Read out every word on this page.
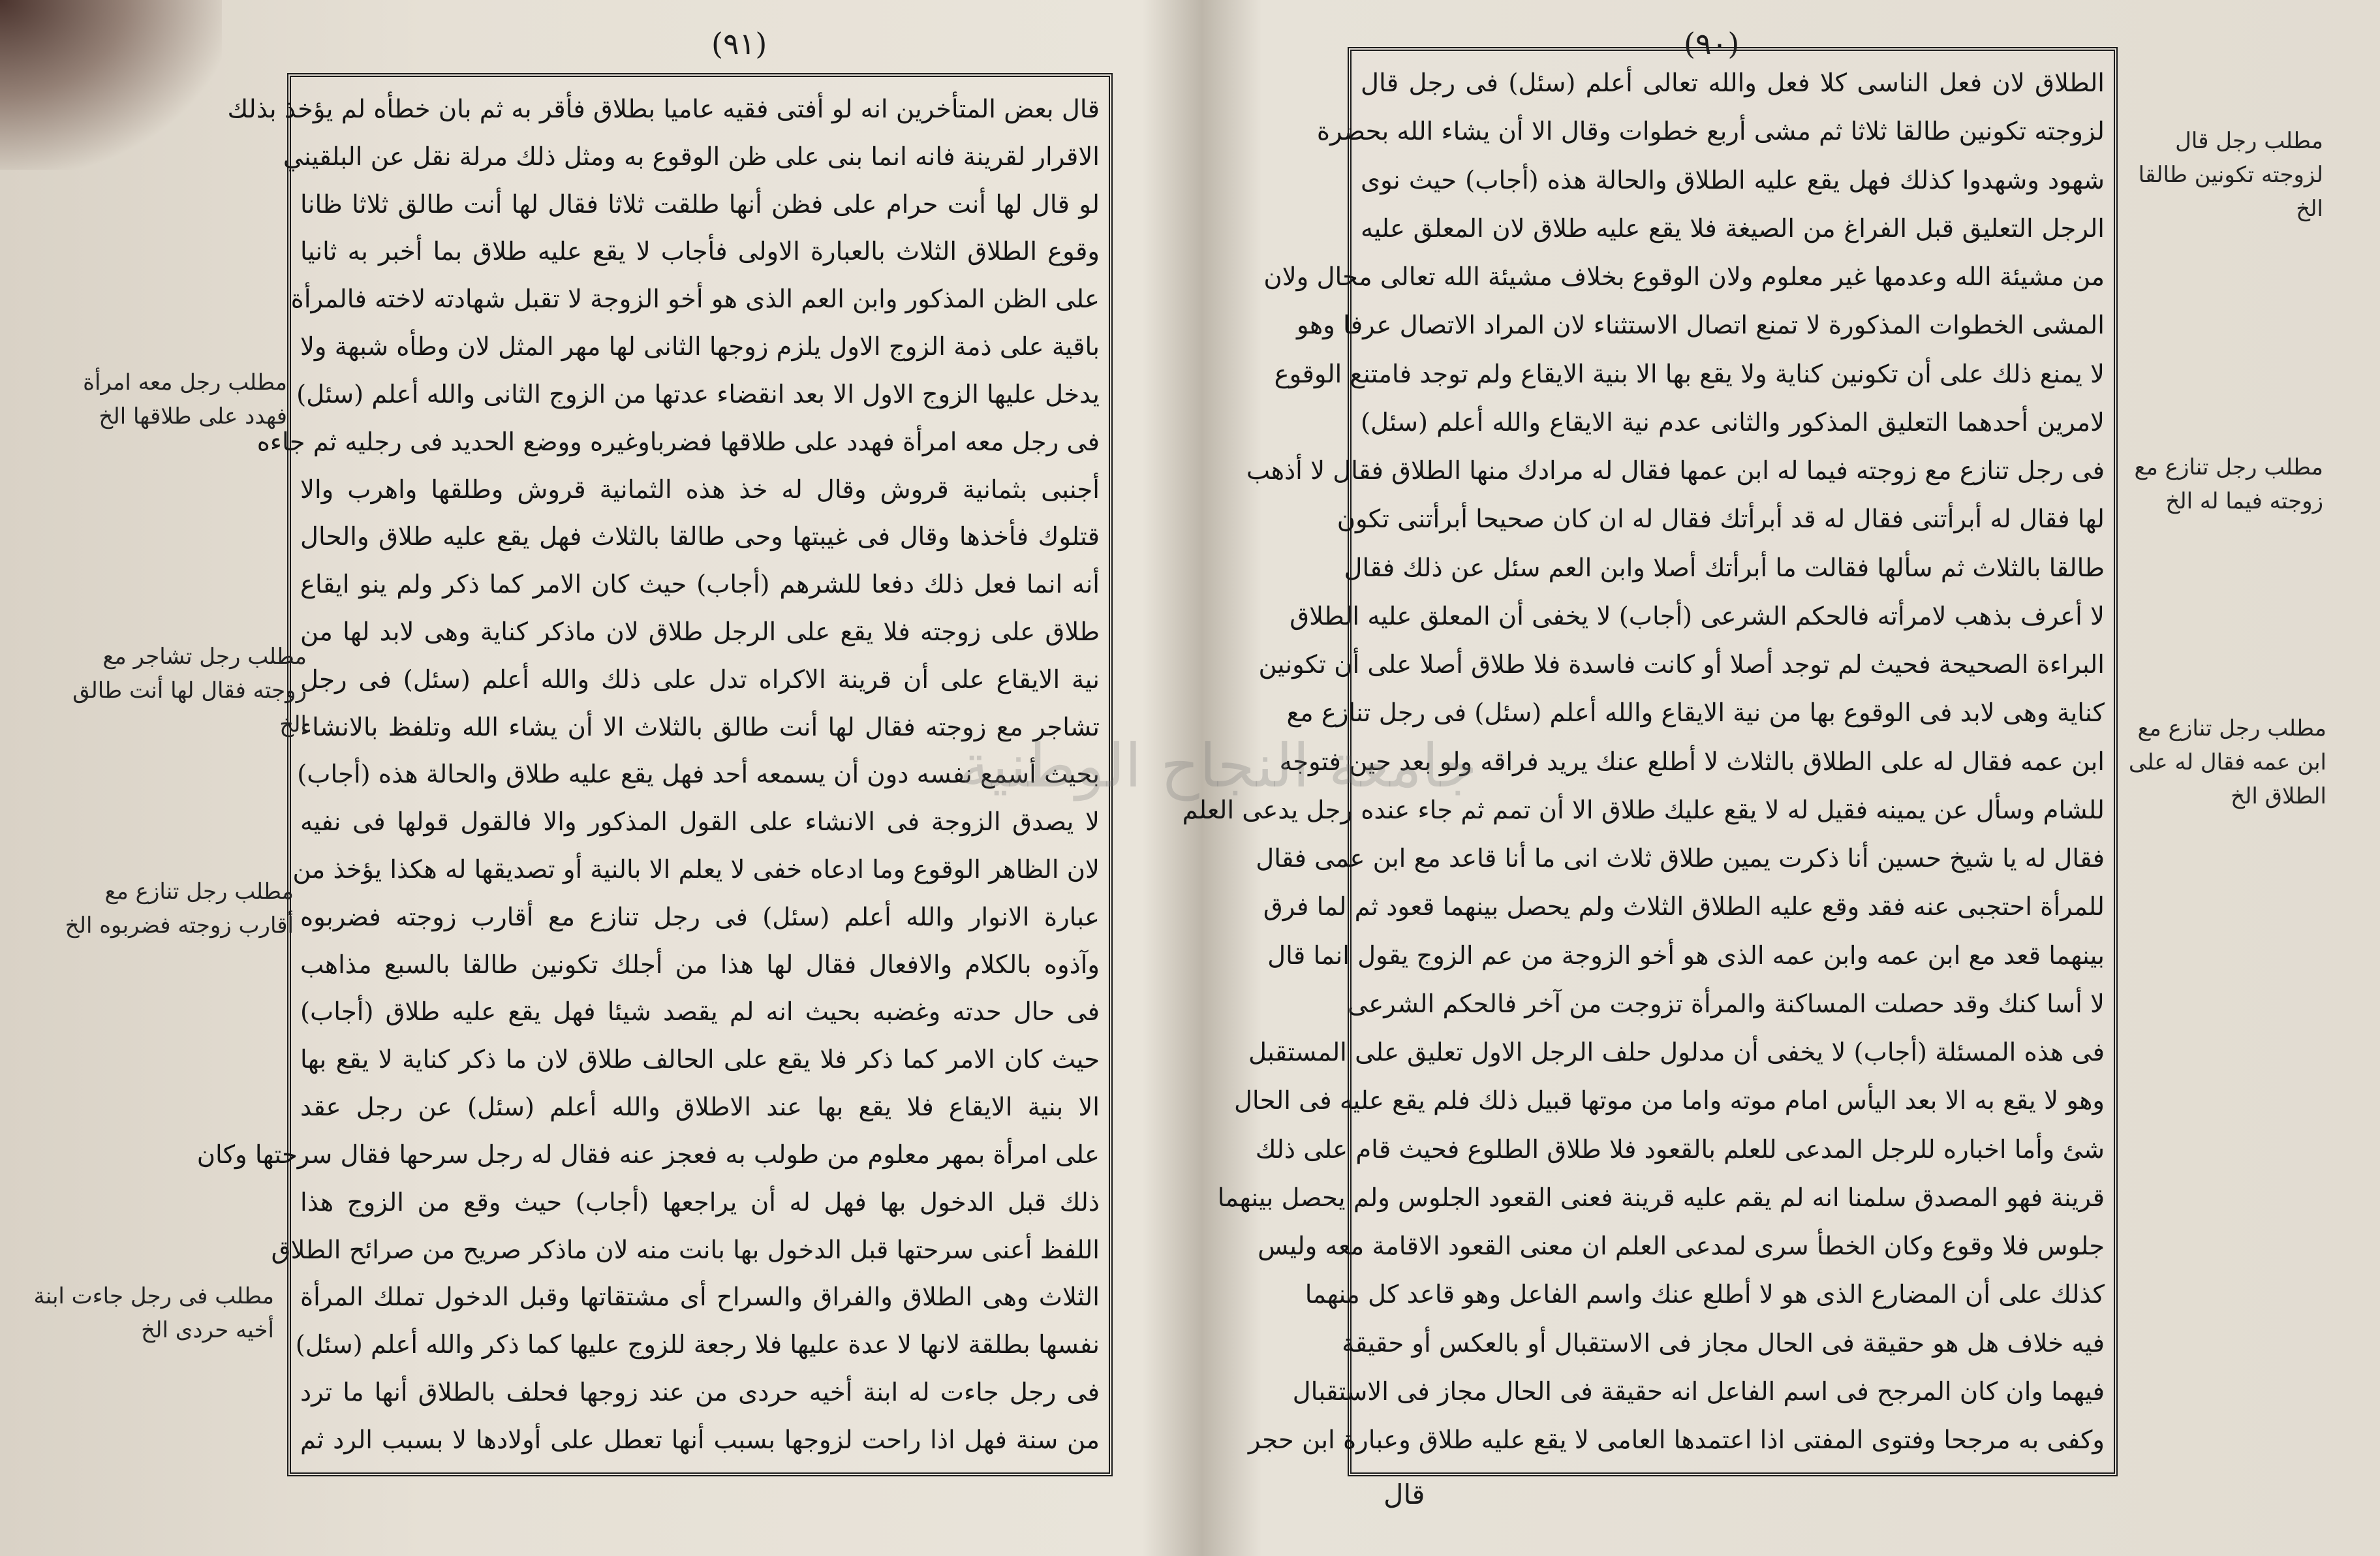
(٩١)
قال بعض المتأخرين انه لو أفتى فقيه عاميا بطلاق فأقر به ثم بان خطأه لم يؤخذ بذلك
الاقرار لقرينة فانه انما بنى على ظن الوقوع به ومثل ذلك مرلة نقل عن البلقيني
لو قال لها أنت حرام على فظن أنها طلقت ثلاثا فقال لها أنت طالق ثلاثا ظانا
وقوع الطلاق الثلاث بالعبارة الاولى فأجاب لا يقع عليه طلاق بما أخبر به ثانيا
على الظن المذكور وابن العم الذى هو أخو الزوجة لا تقبل شهادته لاخته فالمرأة
باقية على ذمة الزوج الاول يلزم زوجها الثانى لها مهر المثل لان وطأه شبهة ولا
يدخل عليها الزوج الاول الا بعد انقضاء عدتها من الزوج الثانى والله أعلم (سئل)
فى رجل معه امرأة فهدد على طلاقها فضرباوغيره ووضع الحديد فى رجليه ثم جاءه
أجنبى بثمانية قروش وقال له خذ هذه الثمانية قروش وطلقها واهرب والا
قتلوك فأخذها وقال فى غيبتها وحى طالقا بالثلاث فهل يقع عليه طلاق والحال
أنه انما فعل ذلك دفعا للشرهم (أجاب) حيث كان الامر كما ذكر ولم ينو ايقاع
طلاق على زوجته فلا يقع على الرجل طلاق لان ماذكر كناية وهى لابد لها من
نية الايقاع على أن قرينة الاكراه تدل على ذلك والله أعلم (سئل) فى رجل
تشاجر مع زوجته فقال لها أنت طالق بالثلاث الا أن يشاء الله وتلفظ بالانشاء
بحيث أسمع نفسه دون أن يسمعه أحد فهل يقع عليه طلاق والحالة هذه (أجاب)
لا يصدق الزوجة فى الانشاء على القول المذكور والا فالقول قولها فى نفيه
لان الظاهر الوقوع وما ادعاه خفى لا يعلم الا بالنية أو تصديقها له هكذا يؤخذ من
عبارة الانوار والله أعلم (سئل) فى رجل تنازع مع أقارب زوجته فضربوه
وآذوه بالكلام والافعال فقال لها هذا من أجلك تكونين طالقا بالسبع مذاهب
فى حال حدته وغضبه بحيث انه لم يقصد شيئا فهل يقع عليه طلاق (أجاب)
حيث كان الامر كما ذكر فلا يقع على الحالف طلاق لان ما ذكر كناية لا يقع بها
الا بنية الايقاع فلا يقع بها عند الاطلاق والله أعلم (سئل) عن رجل عقد
على امرأة بمهر معلوم من طولب به فعجز عنه فقال له رجل سرحها فقال سرحتها وكان
ذلك قبل الدخول بها فهل له أن يراجعها (أجاب) حيث وقع من الزوج هذا
اللفظ أعنى سرحتها قبل الدخول بها بانت منه لان ماذكر صريح من صرائح الطلاق
الثلاث وهى الطلاق والفراق والسراح أى مشتقاتها وقبل الدخول تملك المرأة
نفسها بطلقة لانها لا عدة عليها فلا رجعة للزوج عليها كما ذكر والله أعلم (سئل)
فى رجل جاءت له ابنة أخيه حردى من عند زوجها فحلف بالطلاق أنها ما ترد
من سنة فهل اذا راحت لزوجها بسبب أنها تعطل على أولادها لا بسبب الرد ثم
مطلب رجل معه امرأة فهدد على طلاقها الخ
مطلب رجل تشاجر مع زوجته فقال لها أنت طالق الخ
مطلب رجل تنازع مع أقارب زوجته فضربوه الخ
مطلب فى رجل جاءت ابنة أخيه حردى الخ
(٩٠)
الطلاق لان فعل الناسى كلا فعل والله تعالى أعلم (سئل) فى رجل قال
لزوجته تكونين طالقا ثلاثا ثم مشى أربع خطوات وقال الا أن يشاء الله بحضرة
شهود وشهدوا كذلك فهل يقع عليه الطلاق والحالة هذه (أجاب) حيث نوى
الرجل التعليق قبل الفراغ من الصيغة فلا يقع عليه طلاق لان المعلق عليه
من مشيئة الله وعدمها غير معلوم ولان الوقوع بخلاف مشيئة الله تعالى محال ولان
المشى الخطوات المذكورة لا تمنع اتصال الاستثناء لان المراد الاتصال عرفا وهو
لا يمنع ذلك على أن تكونين كناية ولا يقع بها الا بنية الايقاع ولم توجد فامتنع الوقوع
لامرين أحدهما التعليق المذكور والثانى عدم نية الايقاع والله أعلم (سئل)
فى رجل تنازع مع زوجته فيما له ابن عمها فقال له مرادك منها الطلاق فقال لا أذهب
لها فقال له أبرأتنى فقال له قد أبرأتك فقال له ان كان صحيحا أبرأتنى تكون
طالقا بالثلاث ثم سألها فقالت ما أبرأتك أصلا وابن العم سئل عن ذلك فقال
لا أعرف بذهب لامرأته فالحكم الشرعى (أجاب) لا يخفى أن المعلق عليه الطلاق
البراءة الصحيحة فحيث لم توجد أصلا أو كانت فاسدة فلا طلاق أصلا على أن تكونين
كناية وهى لابد فى الوقوع بها من نية الايقاع والله أعلم (سئل) فى رجل تنازع مع
ابن عمه فقال له على الطلاق بالثلاث لا أطلع عنك يريد فراقه ولو بعد حين فتوجه
للشام وسأل عن يمينه فقيل له لا يقع عليك طلاق الا أن تمم ثم جاء عنده رجل يدعى العلم
فقال له يا شيخ حسين أنا ذكرت يمين طلاق ثلاث انى ما أنا قاعد مع ابن عمى فقال
للمرأة احتجبى عنه فقد وقع عليه الطلاق الثلاث ولم يحصل بينهما قعود ثم لما فرق
بينهما قعد مع ابن عمه وابن عمه الذى هو أخو الزوجة من عم الزوج يقول انما قال
لا أسا كنك وقد حصلت المساكنة والمرأة تزوجت من آخر فالحكم الشرعى
فى هذه المسئلة (أجاب) لا يخفى أن مدلول حلف الرجل الاول تعليق على المستقبل
وهو لا يقع به الا بعد اليأس امام موته واما من موتها قبيل ذلك فلم يقع عليه فى الحال
شئ وأما اخباره للرجل المدعى للعلم بالقعود فلا طلاق الطلوع فحيث قام على ذلك
قرينة فهو المصدق سلمنا انه لم يقم عليه قرينة فعنى القعود الجلوس ولم يحصل بينهما
جلوس فلا وقوع وكان الخطأ سرى لمدعى العلم ان معنى القعود الاقامة معه وليس
كذلك على أن المضارع الذى هو لا أطلع عنك واسم الفاعل وهو قاعد كل منهما
فيه خلاف هل هو حقيقة فى الحال مجاز فى الاستقبال أو بالعكس أو حقيقة
فيهما وان كان المرجح فى اسم الفاعل انه حقيقة فى الحال مجاز فى الاستقبال
وكفى به مرجحا وفتوى المفتى اذا اعتمدها العامى لا يقع عليه طلاق وعبارة ابن حجر
قال
مطلب رجل قال لزوجته تكونين طالقا الخ
مطلب رجل تنازع مع زوجته فيما له الخ
مطلب رجل تنازع مع ابن عمه فقال له على الطلاق الخ
جامعة النجاح الوطنية
